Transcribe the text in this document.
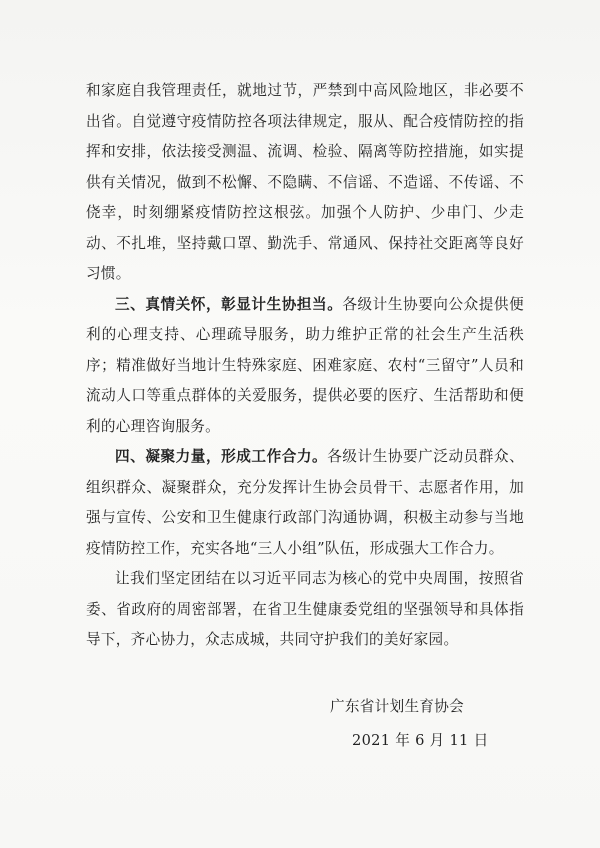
和家庭自我管理责任，就地过节，严禁到中高风险地区，非必要不出省。自觉遵守疫情防控各项法律规定，服从、配合疫情防控的指挥和安排，依法接受测温、流调、检验、隔离等防控措施，如实提供有关情况，做到不松懈、不隐瞒、不信谣、不造谣、不传谣、不侥幸，时刻绷紧疫情防控这根弦。加强个人防护、少串门、少走动、不扎堆，坚持戴口罩、勤洗手、常通风、保持社交距离等良好习惯。

三、真情关怀，彰显计生协担当。各级计生协要向公众提供便利的心理支持、心理疏导服务，助力维护正常的社会生产生活秩序；精准做好当地计生特殊家庭、困难家庭、农村“三留守”人员和流动人口等重点群体的关爱服务，提供必要的医疗、生活帮助和便利的心理咨询服务。

四、凝聚力量，形成工作合力。各级计生协要广泛动员群众、组织群众、凝聚群众，充分发挥计生协会员骨干、志愿者作用，加强与宣传、公安和卫生健康行政部门沟通协调，积极主动参与当地疫情防控工作，充实各地“三人小组”队伍，形成强大工作合力。

让我们坚定团结在以习近平同志为核心的党中央周围，按照省委、省政府的周密部署，在省卫生健康委党组的坚强领导和具体指导下，齐心协力，众志成城，共同守护我们的美好家园。

广东省计划生育协会
2021 年 6 月 11 日
